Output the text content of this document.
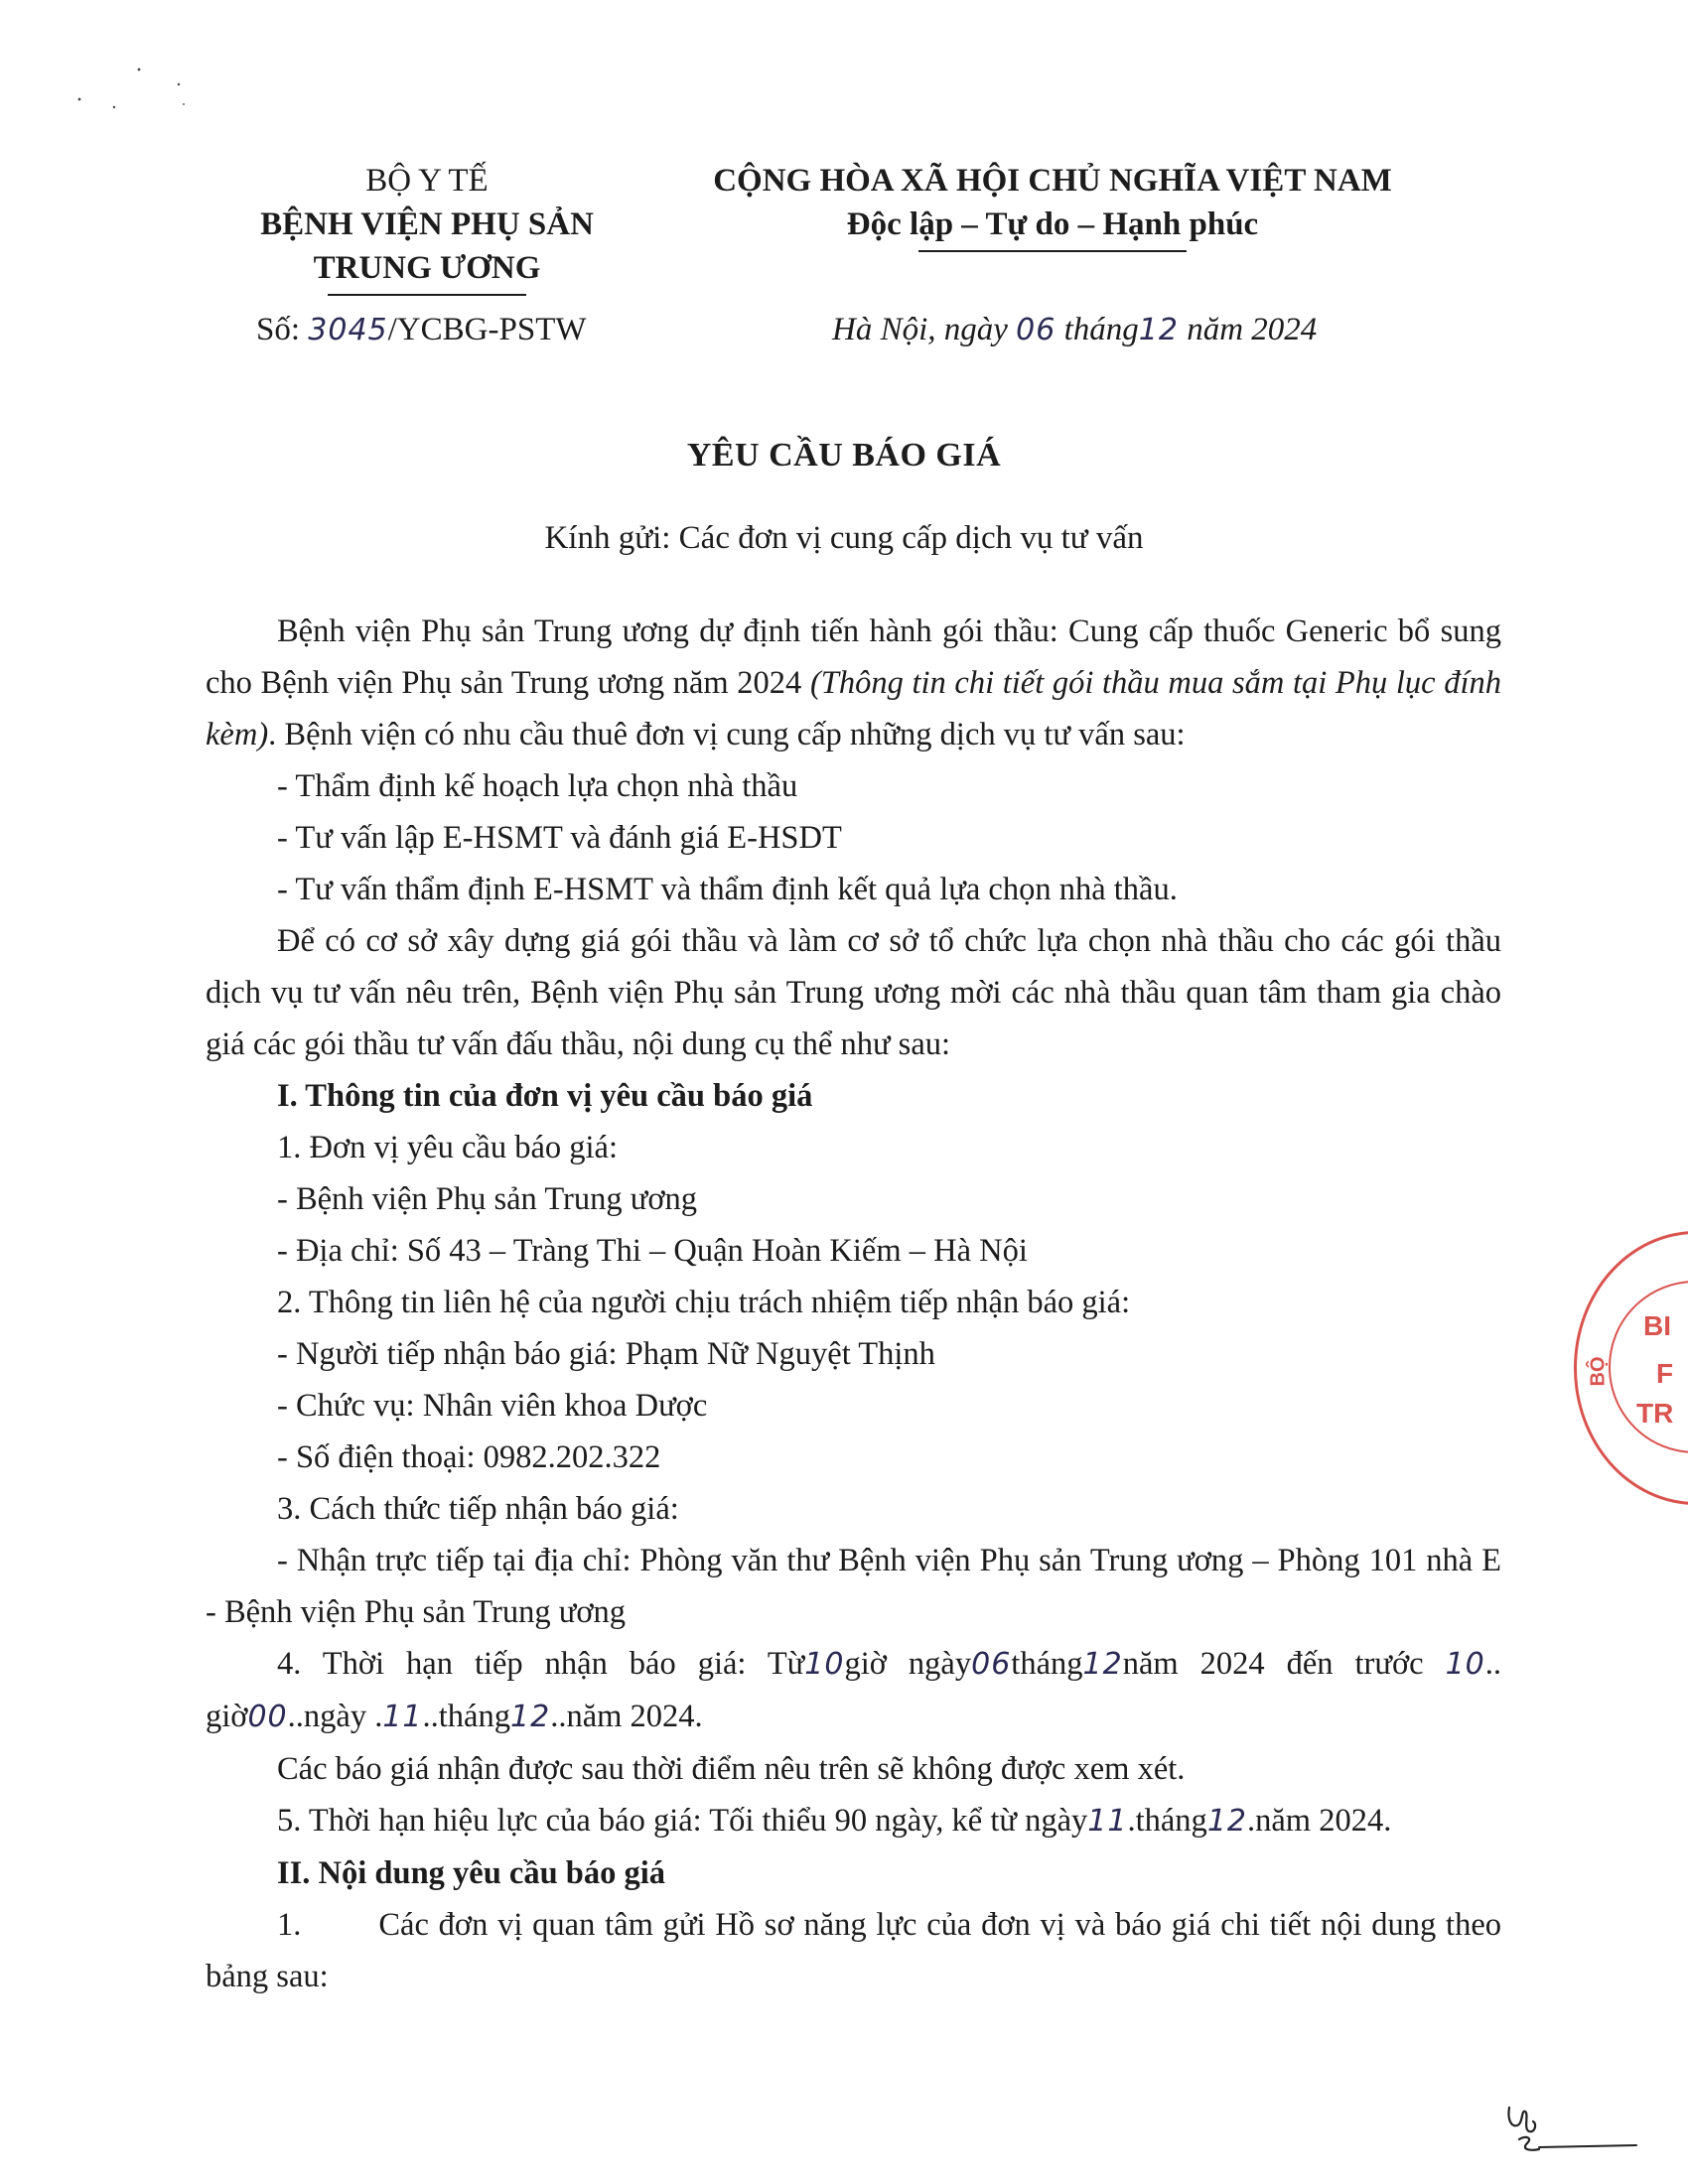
BỘ Y TẾ
BỆNH VIỆN PHỤ SẢN
TRUNG ƯƠNG
Số: 3045/YCBG-PSTW
CỘNG HÒA XÃ HỘI CHỦ NGHĨA VIỆT NAM
Độc lập – Tự do – Hạnh phúc
Hà Nội, ngày 06 tháng12 năm 2024
YÊU CẦU BÁO GIÁ
Kính gửi: Các đơn vị cung cấp dịch vụ tư vấn

Bệnh viện Phụ sản Trung ương dự định tiến hành gói thầu: Cung cấp thuốc Generic bổ sung cho Bệnh viện Phụ sản Trung ương năm 2024 (Thông tin chi tiết gói thầu mua sắm tại Phụ lục đính kèm). Bệnh viện có nhu cầu thuê đơn vị cung cấp những dịch vụ tư vấn sau:

- Thẩm định kế hoạch lựa chọn nhà thầu

- Tư vấn lập E-HSMT và đánh giá E-HSDT

- Tư vấn thẩm định E-HSMT và thẩm định kết quả lựa chọn nhà thầu.

Để có cơ sở xây dựng giá gói thầu và làm cơ sở tổ chức lựa chọn nhà thầu cho các gói thầu dịch vụ tư vấn nêu trên, Bệnh viện Phụ sản Trung ương mời các nhà thầu quan tâm tham gia chào giá các gói thầu tư vấn đấu thầu, nội dung cụ thể như sau:

I. Thông tin của đơn vị yêu cầu báo giá

1. Đơn vị yêu cầu báo giá:

- Bệnh viện Phụ sản Trung ương

- Địa chỉ: Số 43 – Tràng Thi – Quận Hoàn Kiếm – Hà Nội

2. Thông tin liên hệ của người chịu trách nhiệm tiếp nhận báo giá:

- Người tiếp nhận báo giá: Phạm Nữ Nguyệt Thịnh

- Chức vụ: Nhân viên khoa Dược

- Số điện thoại: 0982.202.322

3. Cách thức tiếp nhận báo giá:

- Nhận trực tiếp tại địa chỉ: Phòng văn thư Bệnh viện Phụ sản Trung ương – Phòng 101 nhà E - Bệnh viện Phụ sản Trung ương

4. Thời hạn tiếp nhận báo giá: Từ10giờ ngày06tháng12năm 2024 đến trước 10.. giờ00..ngày .11..tháng12..năm 2024.

Các báo giá nhận được sau thời điểm nêu trên sẽ không được xem xét.

5. Thời hạn hiệu lực của báo giá: Tối thiểu 90 ngày, kể từ ngày11.tháng12.năm 2024.

II. Nội dung yêu cầu báo giá

1. Các đơn vị quan tâm gửi Hồ sơ năng lực của đơn vị và báo giá chi tiết nội dung theo bảng sau:

BI
F
TR
BỘ
